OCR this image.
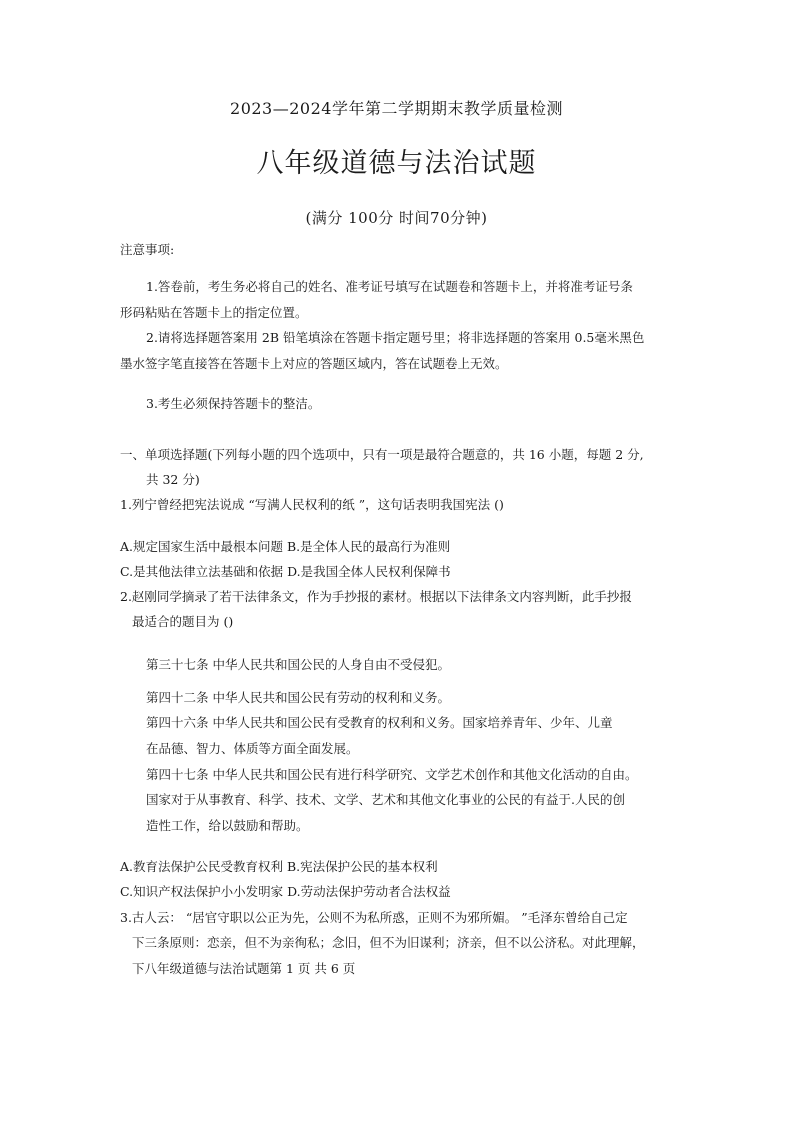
2023—2024学年第二学期期末教学质量检测
八年级道德与法治试题
(满分 100分 时间70分钟)
注意事项:
1.答卷前，考生务必将自己的姓名、准考证号填写在试题卷和答题卡上，并将准考证号条
形码粘贴在答题卡上的指定位置。
2.请将选择题答案用 2B 铅笔填涂在答题卡指定题号里；将非选择题的答案用 0.5毫米黑色
墨水签字笔直接答在答题卡上对应的答题区域内，答在试题卷上无效。
3.考生必须保持答题卡的整洁。
一、单项选择题(下列每小题的四个选项中，只有一项是最符合题意的，共 16 小题，每题 2 分,
共 32 分)
1.列宁曾经把宪法说成 “写满人民权利的纸 ”，这句话表明我国宪法 ()
A.规定国家生活中最根本问题 B.是全体人民的最高行为准则
C.是其他法律立法基础和依据 D.是我国全体人民权利保障书
2.赵刚同学摘录了若干法律条文，作为手抄报的素材。根据以下法律条文内容判断，此手抄报
最适合的题目为 ()
第三十七条 中华人民共和国公民的人身自由不受侵犯。
第四十二条 中华人民共和国公民有劳动的权利和义务。
第四十六条 中华人民共和国公民有受教育的权利和义务。国家培养青年、少年、儿童
在品德、智力、体质等方面全面发展。
第四十七条 中华人民共和国公民有进行科学研究、文学艺术创作和其他文化活动的自由。
国家对于从事教育、科学、技术、文学、艺术和其他文化事业的公民的有益于.人民的创
造性工作，给以鼓励和帮助。
A.教育法保护公民受教育权利 B.宪法保护公民的基本权利
C.知识产权法保护小小发明家 D.劳动法保护劳动者合法权益
3.古人云： “居官守职以公正为先，公则不为私所惑，正则不为邪所媚。 ”毛泽东曾给自己定
下三条原则：恋亲，但不为亲徇私；念旧，但不为旧谋利；济亲，但不以公济私。对此理解，
下八年级道德与法治试题第 1 页 共 6 页
